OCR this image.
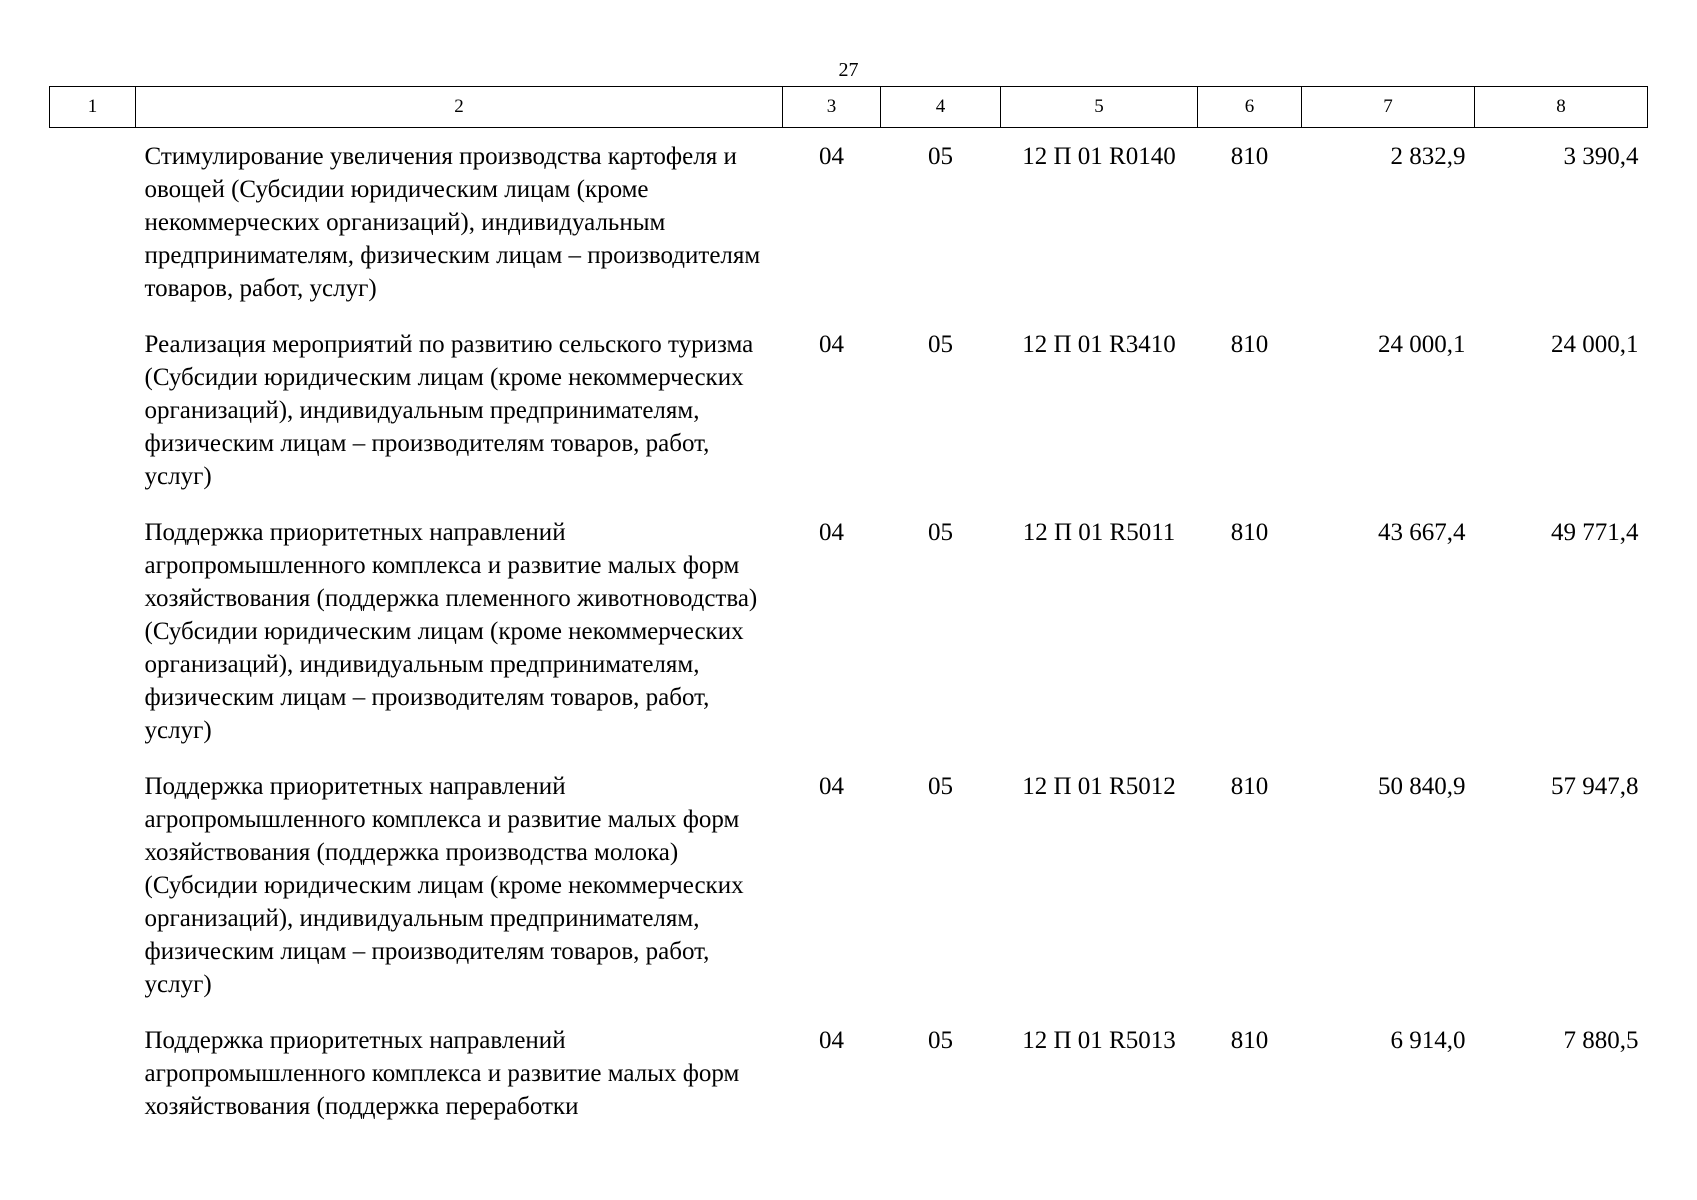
27
1	2	3	4	5	6	7	8
	Стимулирование увеличения производства картофеля и овощей (Субсидии юридическим лицам (кроме некоммерческих организаций), индивидуальным предпринимателям, физическим лицам – производителям товаров, работ, услуг)	04	05	12 П 01 R0140	810	2 832,9	3 390,4
	Реализация мероприятий по развитию сельского туризма (Субсидии юридическим лицам (кроме некоммерческих организаций), индивидуальным предпринимателям, физическим лицам – производителям товаров, работ, услуг)	04	05	12 П 01 R3410	810	24 000,1	24 000,1
	Поддержка приоритетных направлений агропромышленного комплекса и развитие малых форм хозяйствования (поддержка племенного животноводства) (Субсидии юридическим лицам (кроме некоммерческих организаций), индивидуальным предпринимателям, физическим лицам – производителям товаров, работ, услуг)	04	05	12 П 01 R5011	810	43 667,4	49 771,4
	Поддержка приоритетных направлений агропромышленного комплекса и развитие малых форм хозяйствования (поддержка производства молока) (Субсидии юридическим лицам (кроме некоммерческих организаций), индивидуальным предпринимателям, физическим лицам – производителям товаров, работ, услуг)	04	05	12 П 01 R5012	810	50 840,9	57 947,8
	Поддержка приоритетных направлений агропромышленного комплекса и развитие малых форм хозяйствования (поддержка переработки	04	05	12 П 01 R5013	810	6 914,0	7 880,5
